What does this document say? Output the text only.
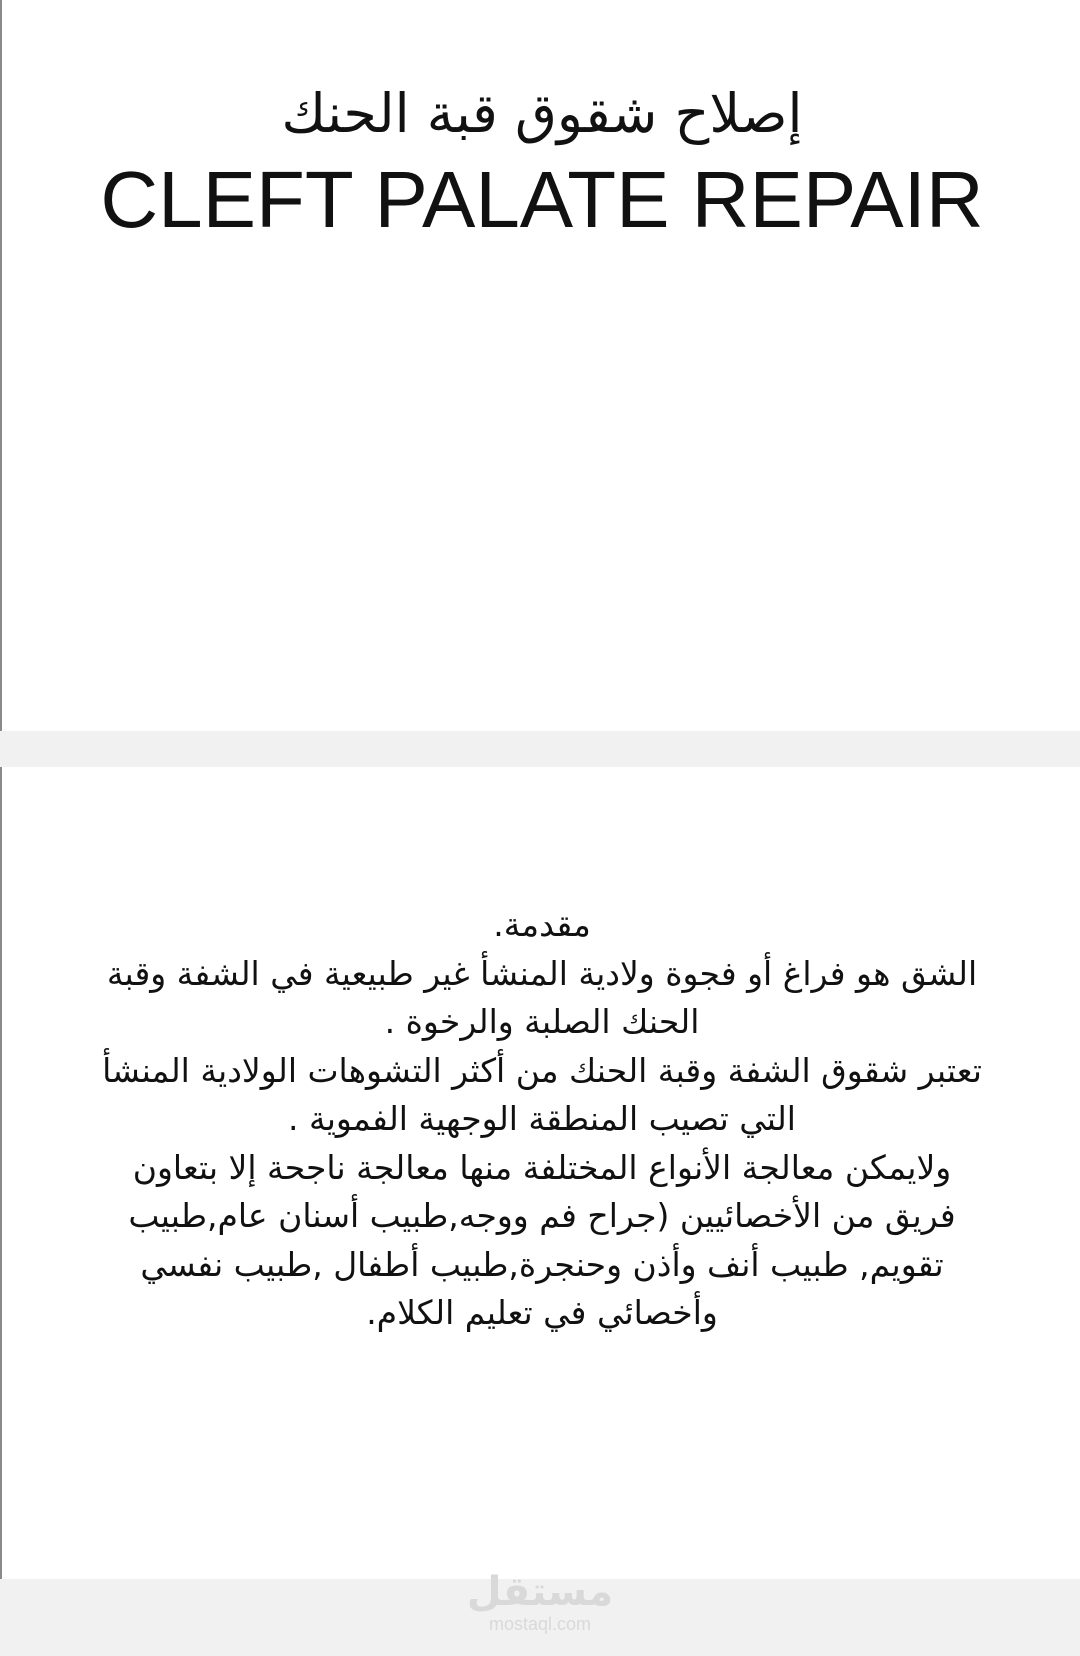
إصلاح شقوق قبة الحنك
CLEFT PALATE REPAIR

مقدمة.

الشق هو فراغ أو فجوة ولادية المنشأ غير طبيعية في الشفة وقبة

الحنك الصلبة والرخوة .

تعتبر شقوق الشفة وقبة الحنك من أكثر التشوهات الولادية المنشأ

التي تصيب المنطقة الوجهية الفموية .

ولايمكن معالجة الأنواع المختلفة منها معالجة ناجحة إلا بتعاون

فريق من الأخصائيين (جراح فم ووجه,طبيب أسنان عام,طبيب

تقويم, طبيب أنف وأذن وحنجرة,طبيب أطفال ,طبيب نفسي

وأخصائي في تعليم الكلام.

مستقل
mostaql.com
